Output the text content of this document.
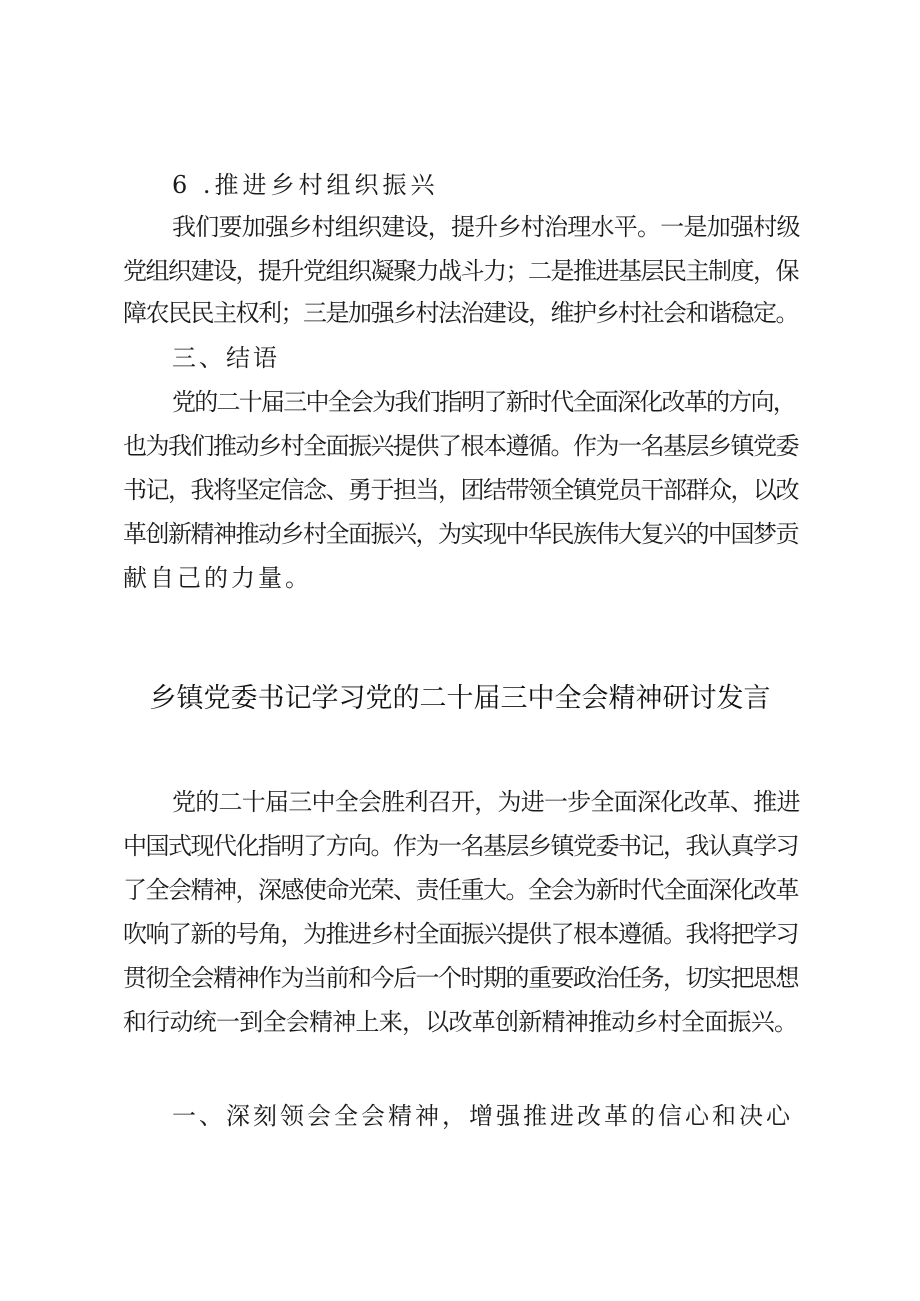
6 .推进乡村组织振兴
我们要加强乡村组织建设，提升乡村治理水平。一是加强村级
党组织建设，提升党组织凝聚力战斗力；二是推进基层民主制度，保
障农民民主权利；三是加强乡村法治建设，维护乡村社会和谐稳定。
三、结语
党的二十届三中全会为我们指明了新时代全面深化改革的方向，
也为我们推动乡村全面振兴提供了根本遵循。作为一名基层乡镇党委
书记，我将坚定信念、勇于担当，团结带领全镇党员干部群众，以改
革创新精神推动乡村全面振兴，为实现中华民族伟大复兴的中国梦贡
献自己的力量。
乡镇党委书记学习党的二十届三中全会精神研讨发言
党的二十届三中全会胜利召开，为进一步全面深化改革、推进
中国式现代化指明了方向。作为一名基层乡镇党委书记，我认真学习
了全会精神，深感使命光荣、责任重大。全会为新时代全面深化改革
吹响了新的号角，为推进乡村全面振兴提供了根本遵循。我将把学习
贯彻全会精神作为当前和今后一个时期的重要政治任务，切实把思想
和行动统一到全会精神上来，以改革创新精神推动乡村全面振兴。
一、深刻领会全会精神，增强推进改革的信心和决心
